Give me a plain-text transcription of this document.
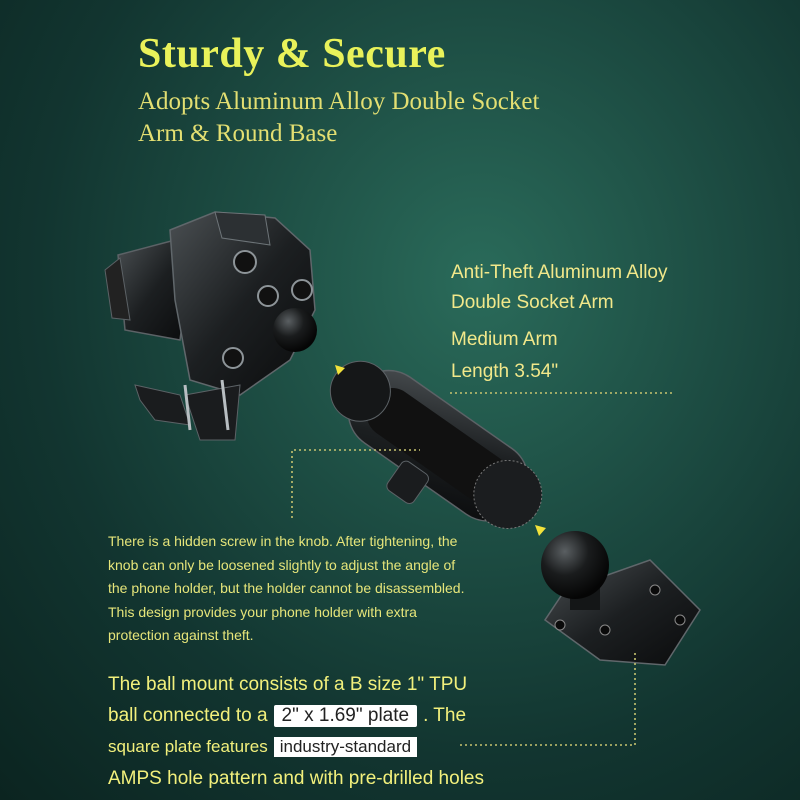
Sturdy & Secure
Adopts Aluminum Alloy Double Socket
Arm & Round Base
Anti-Theft Aluminum Alloy
Double Socket Arm
Medium Arm
Length 3.54"
There is a hidden screw in the knob. After tightening, the knob can only be loosened slightly to adjust the angle of the phone holder, but the holder cannot be disassembled. This design provides your phone holder with extra protection against theft.
The ball mount consists of a B size 1" TPU
ball connected to a 2" x 1.69" plate . The
square plate features industry-standard
AMPS hole pattern and with pre-drilled holes
